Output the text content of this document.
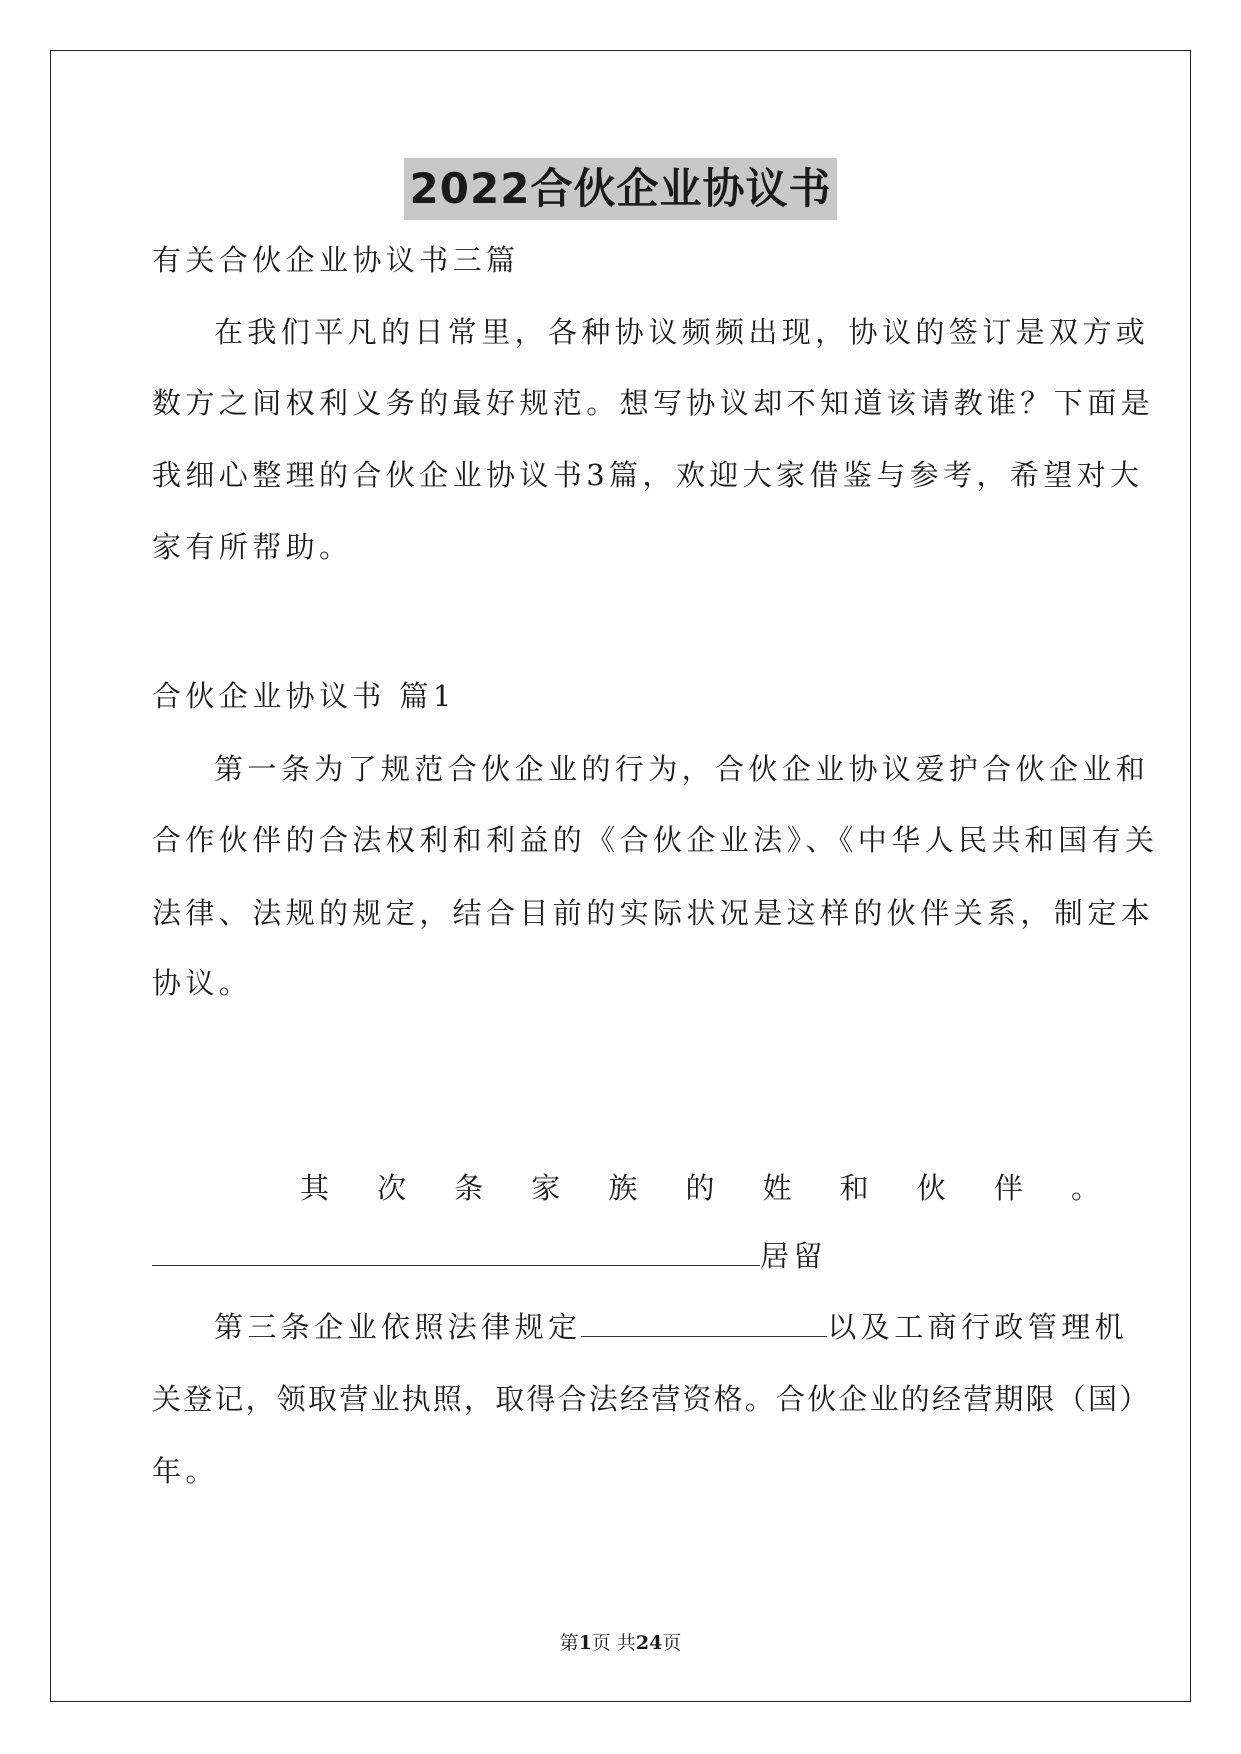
2022合伙企业协议书
有关合伙企业协议书三篇
在我们平凡的日常里，各种协议频频出现，协议的签订是双方或
数方之间权利义务的最好规范。想写协议却不知道该请教谁？下面是
我细心整理的合伙企业协议书3篇，欢迎大家借鉴与参考，希望对大
家有所帮助。
合伙企业协议书 篇1
第一条为了规范合伙企业的行为，合伙企业协议爱护合伙企业和
合作伙伴的合法权利和利益的《合伙企业法》、《中华人民共和国有关
法律、法规的规定，结合目前的实际状况是这样的伙伴关系，制定本
协议。
其 次 条 家 族 的 姓 和 伙 伴 。
居留
第三条企业依照法律规定	以及工商行政管理机
关登记，领取营业执照，取得合法经营资格。合伙企业的经营期限（国）
年。
第1页 共24页
